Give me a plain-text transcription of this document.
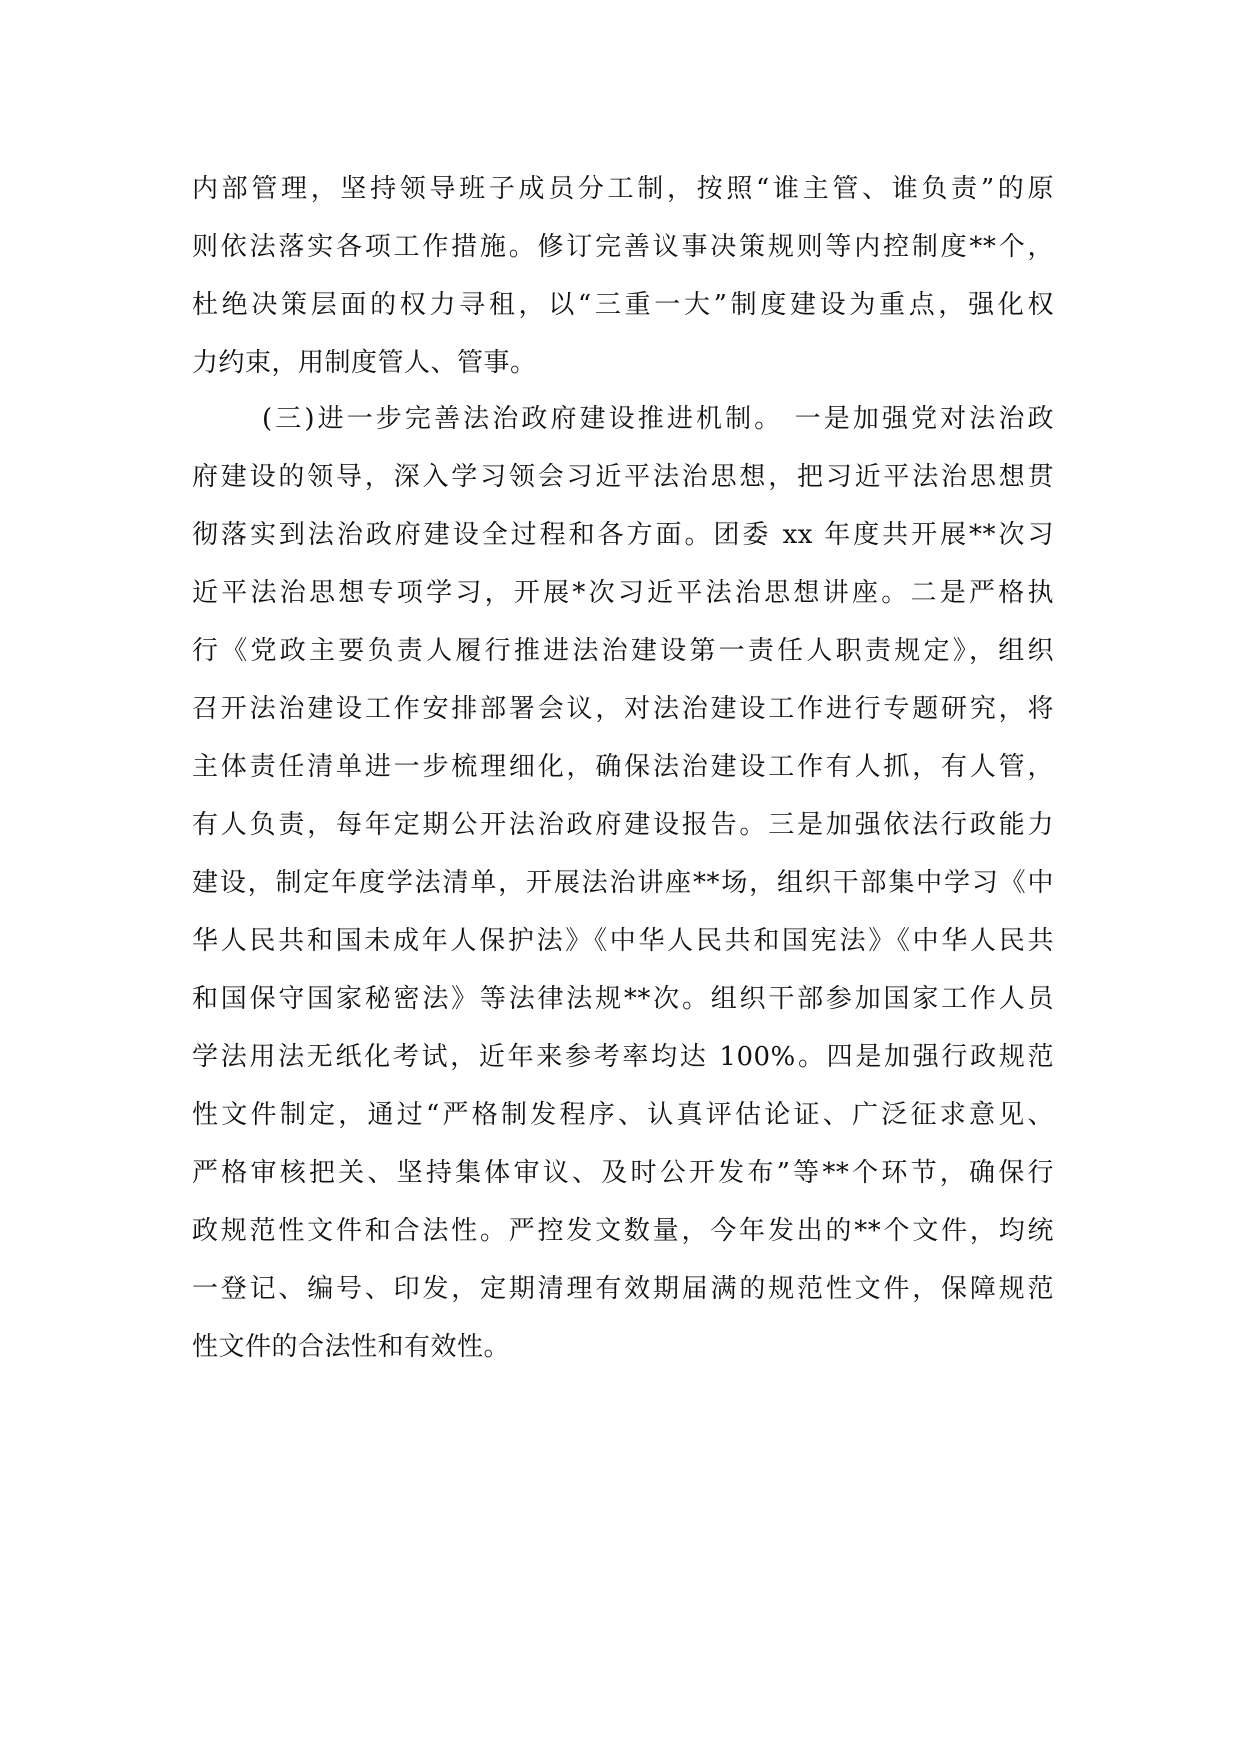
内部管理，坚持领导班子成员分工制，按照“谁主管、谁负责”的原
则依法落实各项工作措施。修订完善议事决策规则等内控制度**个，
杜绝决策层面的权力寻租，以“三重一大”制度建设为重点，强化权
力约束，用制度管人、管事。
(三)进一步完善法治政府建设推进机制。 一是加强党对法治政
府建设的领导，深入学习领会习近平法治思想，把习近平法治思想贯
彻落实到法治政府建设全过程和各方面。团委 xx 年度共开展**次习
近平法治思想专项学习，开展*次习近平法治思想讲座。二是严格执
行《党政主要负责人履行推进法治建设第一责任人职责规定》，组织
召开法治建设工作安排部署会议，对法治建设工作进行专题研究，将
主体责任清单进一步梳理细化，确保法治建设工作有人抓，有人管，
有人负责，每年定期公开法治政府建设报告。三是加强依法行政能力
建设，制定年度学法清单，开展法治讲座**场，组织干部集中学习《中
华人民共和国未成年人保护法》《中华人民共和国宪法》《中华人民共
和国保守国家秘密法》等法律法规**次。组织干部参加国家工作人员
学法用法无纸化考试，近年来参考率均达 100%。四是加强行政规范
性文件制定，通过“严格制发程序、认真评估论证、广泛征求意见、
严格审核把关、坚持集体审议、及时公开发布”等**个环节，确保行
政规范性文件和合法性。严控发文数量，今年发出的**个文件，均统
一登记、编号、印发，定期清理有效期届满的规范性文件，保障规范
性文件的合法性和有效性。
